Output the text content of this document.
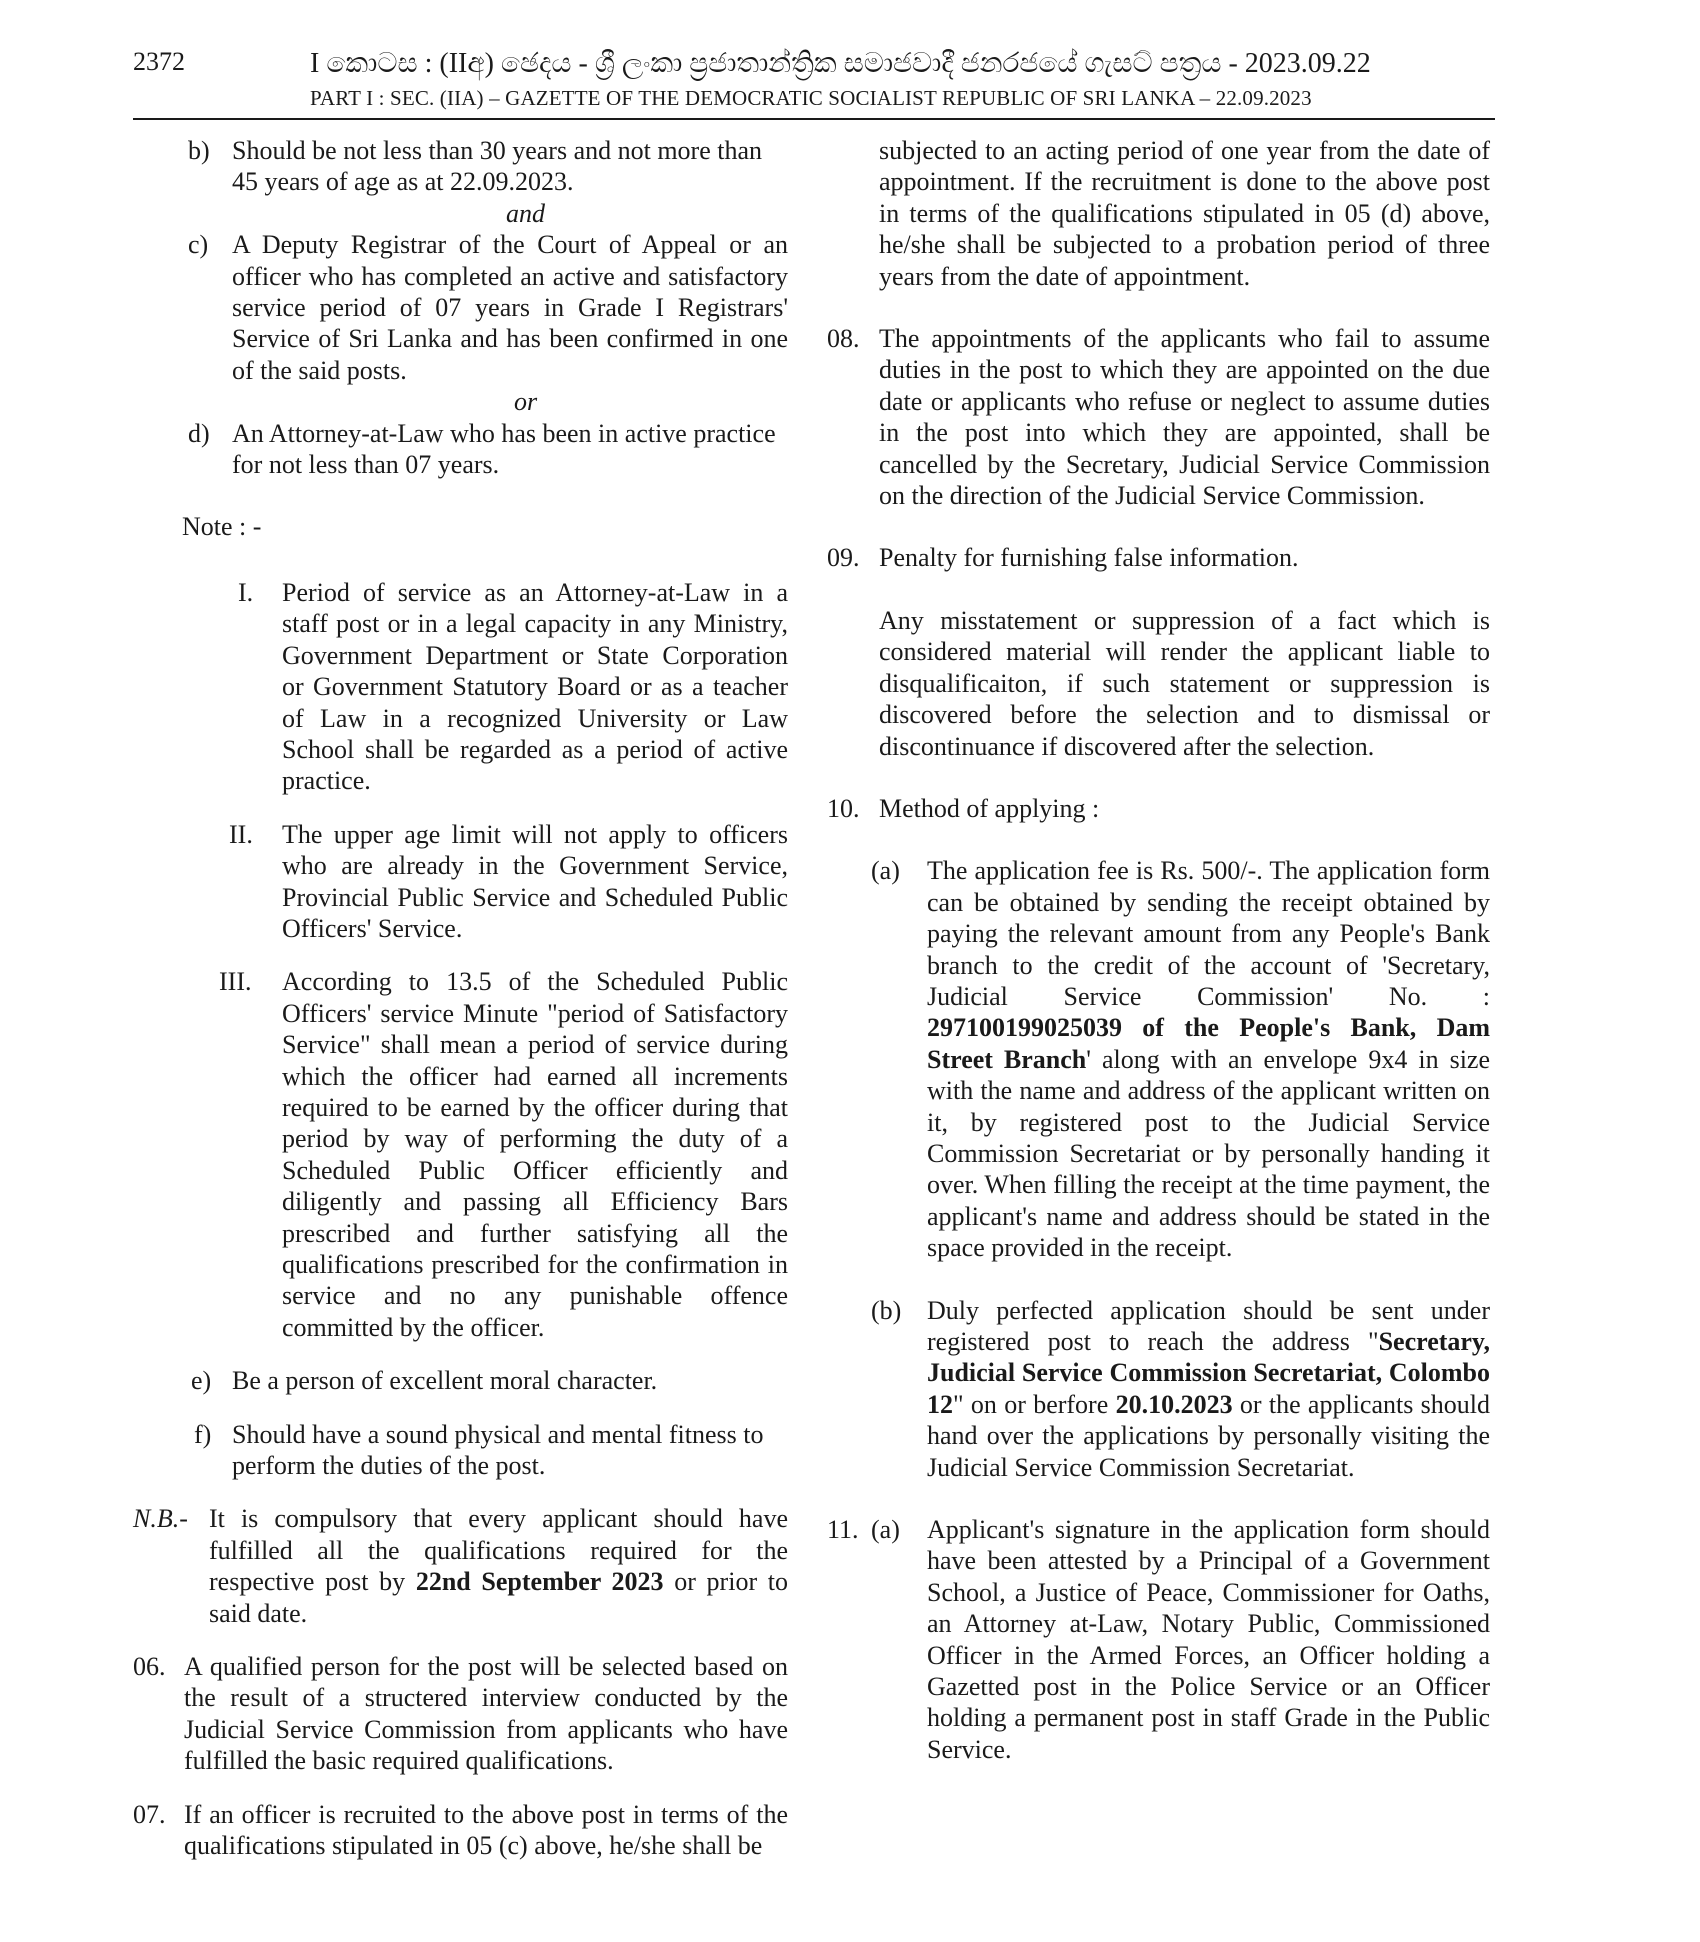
2372	I කොටස : (IIඅ) ඡෙදය - ශ්‍රී ලංකා ප්‍රජාතාන්ත්‍රික සමාජවාදී ජනරජයේ ගැසට් පත්‍රය - 2023.09.22
PART I : SEC. (IIA) – GAZETTE OF THE DEMOCRATIC SOCIALIST REPUBLIC OF SRI LANKA – 22.09.2023
b) Should be not less than 30 years and not more than 45 years of age as at 22.09.2023.

and

c) A Deputy Registrar of the Court of Appeal or an officer who has completed an active and satisfactory service period of 07 years in Grade I Registrars' Service of Sri Lanka and has been confirmed in one of the said posts.

or

d) An Attorney-at-Law who has been in active practice for not less than 07 years.

Note : -

I. Period of service as an Attorney-at-Law in a staff post or in a legal capacity in any Ministry, Government Department or State Corporation or Government Statutory Board or as a teacher of Law in a recognized University or Law School shall be regarded as a period of active practice.

II. The upper age limit will not apply to officers who are already in the Government Service, Provincial Public Service and Scheduled Public Officers' Service.

III. According to 13.5 of the Scheduled Public Officers' service Minute "period of Satisfactory Service" shall mean a period of service during which the officer had earned all increments required to be earned by the officer during that period by way of performing the duty of a Scheduled Public Officer efficiently and diligently and passing all Efficiency Bars prescribed and further satisfying all the qualifications prescribed for the confirmation in service and no any punishable offence committed by the officer.

e) Be a person of excellent moral character.

f) Should have a sound physical and mental fitness to perform the duties of the post.

N.B.- It is compulsory that every applicant should have fulfilled all the qualifications required for the respective post by 22nd September 2023 or prior to said date.

06. A qualified person for the post will be selected based on the result of a structered interview conducted by the Judicial Service Commission from applicants who have fulfilled the basic required qualifications.

07. If an officer is recruited to the above post in terms of the qualifications stipulated in 05 (c) above, he/she shall be

subjected to an acting period of one year from the date of appointment. If the recruitment is done to the above post in terms of the qualifications stipulated in 05 (d) above, he/she shall be subjected to a probation period of three years from the date of appointment.

08. The appointments of the applicants who fail to assume duties in the post to which they are appointed on the due date or applicants who refuse or neglect to assume duties in the post into which they are appointed, shall be cancelled by the Secretary, Judicial Service Commission on the direction of the Judicial Service Commission.

09. Penalty for furnishing false information.

Any misstatement or suppression of a fact which is considered material will render the applicant liable to disqualificaiton, if such statement or suppression is discovered before the selection and to dismissal or discontinuance if discovered after the selection.

10. Method of applying :

(a) The application fee is Rs. 500/-. The application form can be obtained by sending the receipt obtained by paying the relevant amount from any People's Bank branch to the credit of the account of 'Secretary, Judicial Service Commission' No. : 297100199025039 of the People's Bank, Dam Street Branch' along with an envelope 9x4 in size with the name and address of the applicant written on it, by registered post to the Judicial Service Commission Secretariat or by personally handing it over. When filling the receipt at the time payment, the applicant's name and address should be stated in the space provided in the receipt.

(b) Duly perfected application should be sent under registered post to reach the address "Secretary, Judicial Service Commission Secretariat, Colombo 12" on or berfore 20.10.2023 or the applicants should hand over the applications by personally visiting the Judicial Service Commission Secretariat.

11. (a) Applicant's signature in the application form should have been attested by a Principal of a Government School, a Justice of Peace, Commissioner for Oaths, an Attorney at-Law, Notary Public, Commissioned Officer in the Armed Forces, an Officer holding a Gazetted post in the Police Service or an Officer holding a permanent post in staff Grade in the Public Service.
